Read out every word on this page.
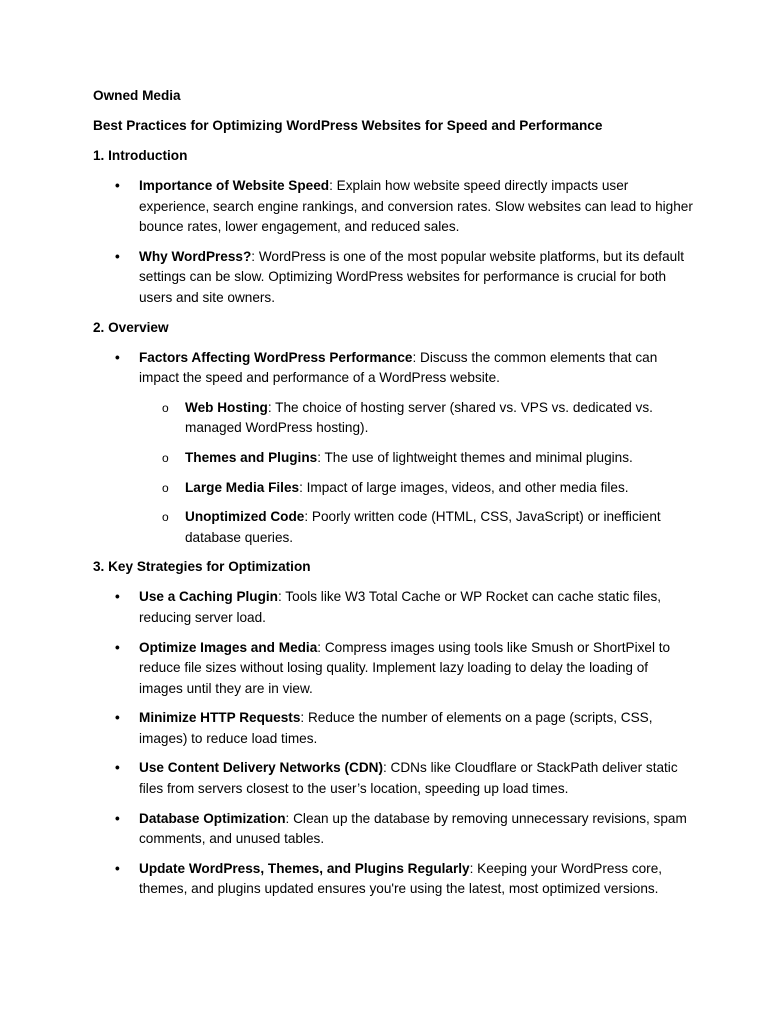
Owned Media

Best Practices for Optimizing WordPress Websites for Speed and Performance

1. Introduction

• Importance of Website Speed: Explain how website speed directly impacts user experience, search engine rankings, and conversion rates. Slow websites can lead to higher bounce rates, lower engagement, and reduced sales.
• Why WordPress?: WordPress is one of the most popular website platforms, but its default settings can be slow. Optimizing WordPress websites for performance is crucial for both users and site owners.

2. Overview

• Factors Affecting WordPress Performance: Discuss the common elements that can impact the speed and performance of a WordPress website.
o Web Hosting: The choice of hosting server (shared vs. VPS vs. dedicated vs. managed WordPress hosting).
o Themes and Plugins: The use of lightweight themes and minimal plugins.
o Large Media Files: Impact of large images, videos, and other media files.
o Unoptimized Code: Poorly written code (HTML, CSS, JavaScript) or inefficient database queries.

3. Key Strategies for Optimization

• Use a Caching Plugin: Tools like W3 Total Cache or WP Rocket can cache static files, reducing server load.
• Optimize Images and Media: Compress images using tools like Smush or ShortPixel to reduce file sizes without losing quality. Implement lazy loading to delay the loading of images until they are in view.
• Minimize HTTP Requests: Reduce the number of elements on a page (scripts, CSS, images) to reduce load times.
• Use Content Delivery Networks (CDN): CDNs like Cloudflare or StackPath deliver static files from servers closest to the user’s location, speeding up load times.
• Database Optimization: Clean up the database by removing unnecessary revisions, spam comments, and unused tables.
• Update WordPress, Themes, and Plugins Regularly: Keeping your WordPress core, themes, and plugins updated ensures you're using the latest, most optimized versions.
